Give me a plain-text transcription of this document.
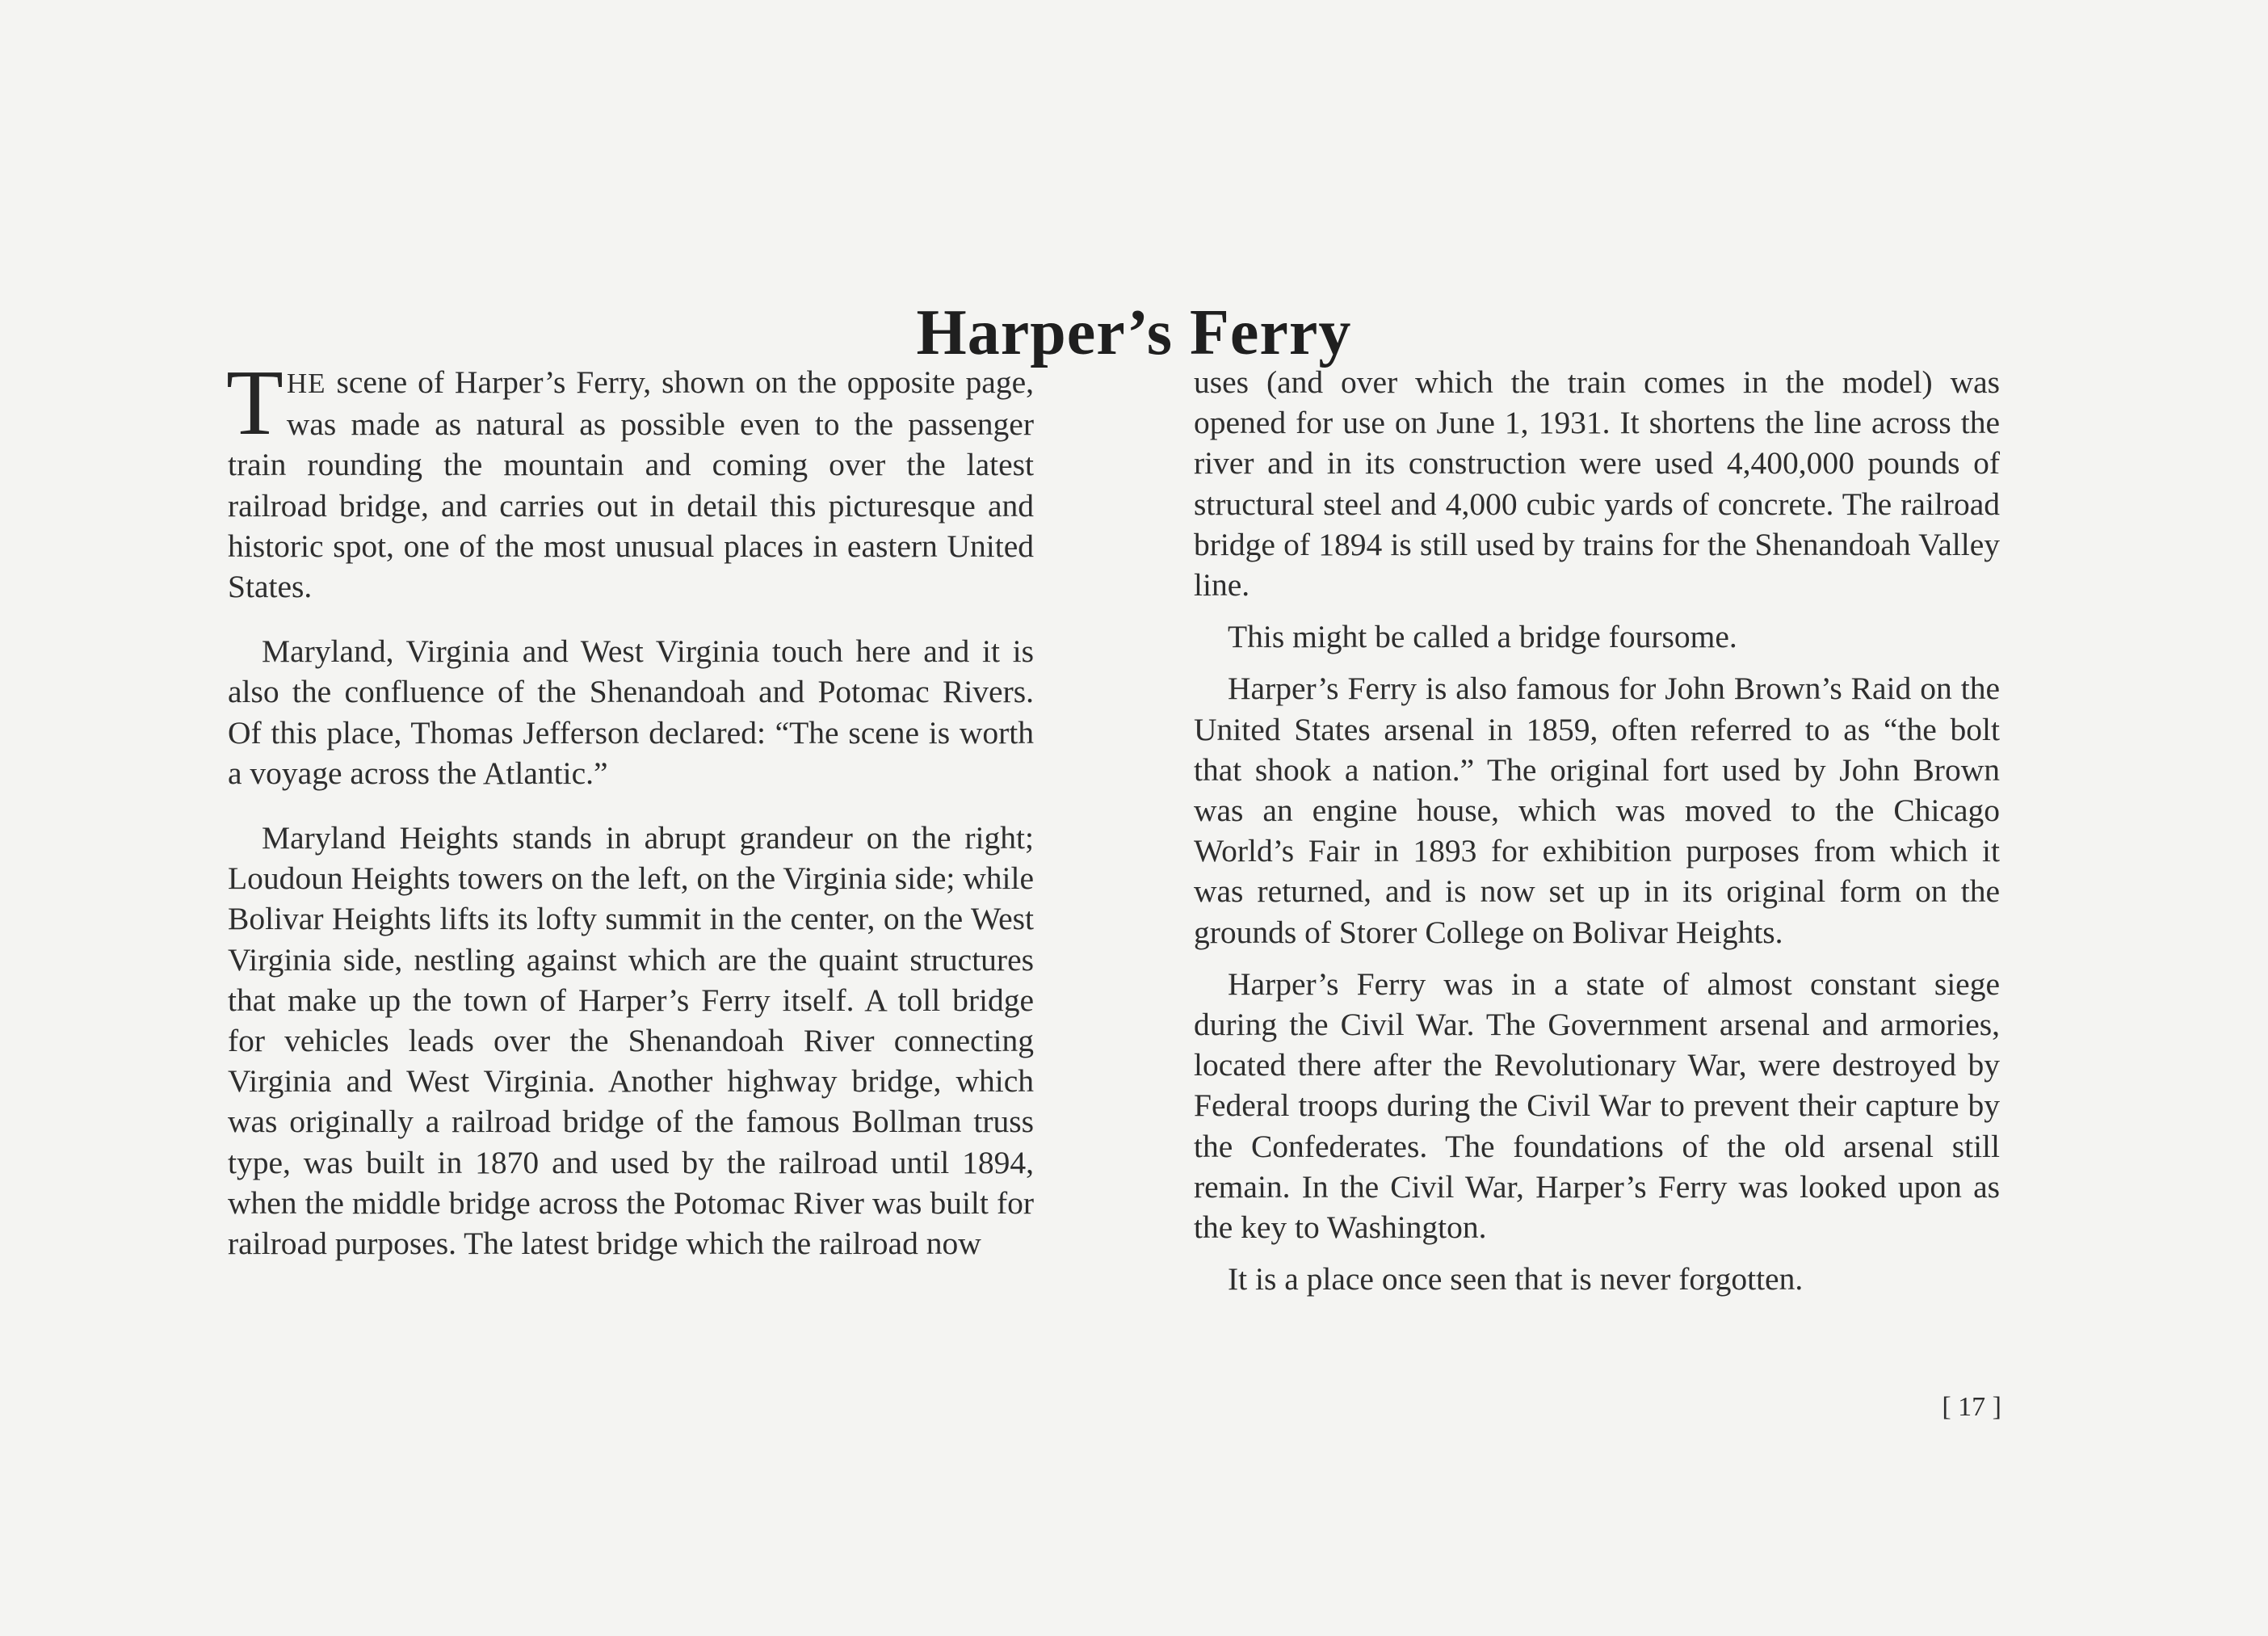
Harper’s Ferry

THE scene of Harper’s Ferry, shown on the opposite page, was made as natural as possible even to the passenger train rounding the mountain and coming over the latest railroad bridge, and carries out in detail this picturesque and historic spot, one of the most unusual places in eastern United States.

Maryland, Virginia and West Virginia touch here and it is also the confluence of the Shenandoah and Potomac Rivers. Of this place, Thomas Jefferson declared: “The scene is worth a voyage across the Atlantic.”

Maryland Heights stands in abrupt grandeur on the right; Loudoun Heights towers on the left, on the Virginia side; while Bolivar Heights lifts its lofty summit in the center, on the West Virginia side, nestling against which are the quaint structures that make up the town of Harper’s Ferry itself. A toll bridge for vehicles leads over the Shenandoah River connecting Virginia and West Virginia. Another highway bridge, which was originally a railroad bridge of the famous Bollman truss type, was built in 1870 and used by the railroad until 1894, when the middle bridge across the Potomac River was built for railroad purposes. The latest bridge which the railroad now

uses (and over which the train comes in the model) was opened for use on June 1, 1931. It shortens the line across the river and in its construction were used 4,400,000 pounds of structural steel and 4,000 cubic yards of concrete. The railroad bridge of 1894 is still used by trains for the Shenandoah Valley line.

This might be called a bridge foursome.

Harper’s Ferry is also famous for John Brown’s Raid on the United States arsenal in 1859, often referred to as “the bolt that shook a nation.” The original fort used by John Brown was an engine house, which was moved to the Chicago World’s Fair in 1893 for exhibition purposes from which it was returned, and is now set up in its original form on the grounds of Storer College on Bolivar Heights.

Harper’s Ferry was in a state of almost constant siege during the Civil War. The Government arsenal and armories, located there after the Revolutionary War, were destroyed by Federal troops during the Civil War to prevent their capture by the Confederates. The foundations of the old arsenal still remain. In the Civil War, Harper’s Ferry was looked upon as the key to Washington.

It is a place once seen that is never forgotten.

[ 17 ]
